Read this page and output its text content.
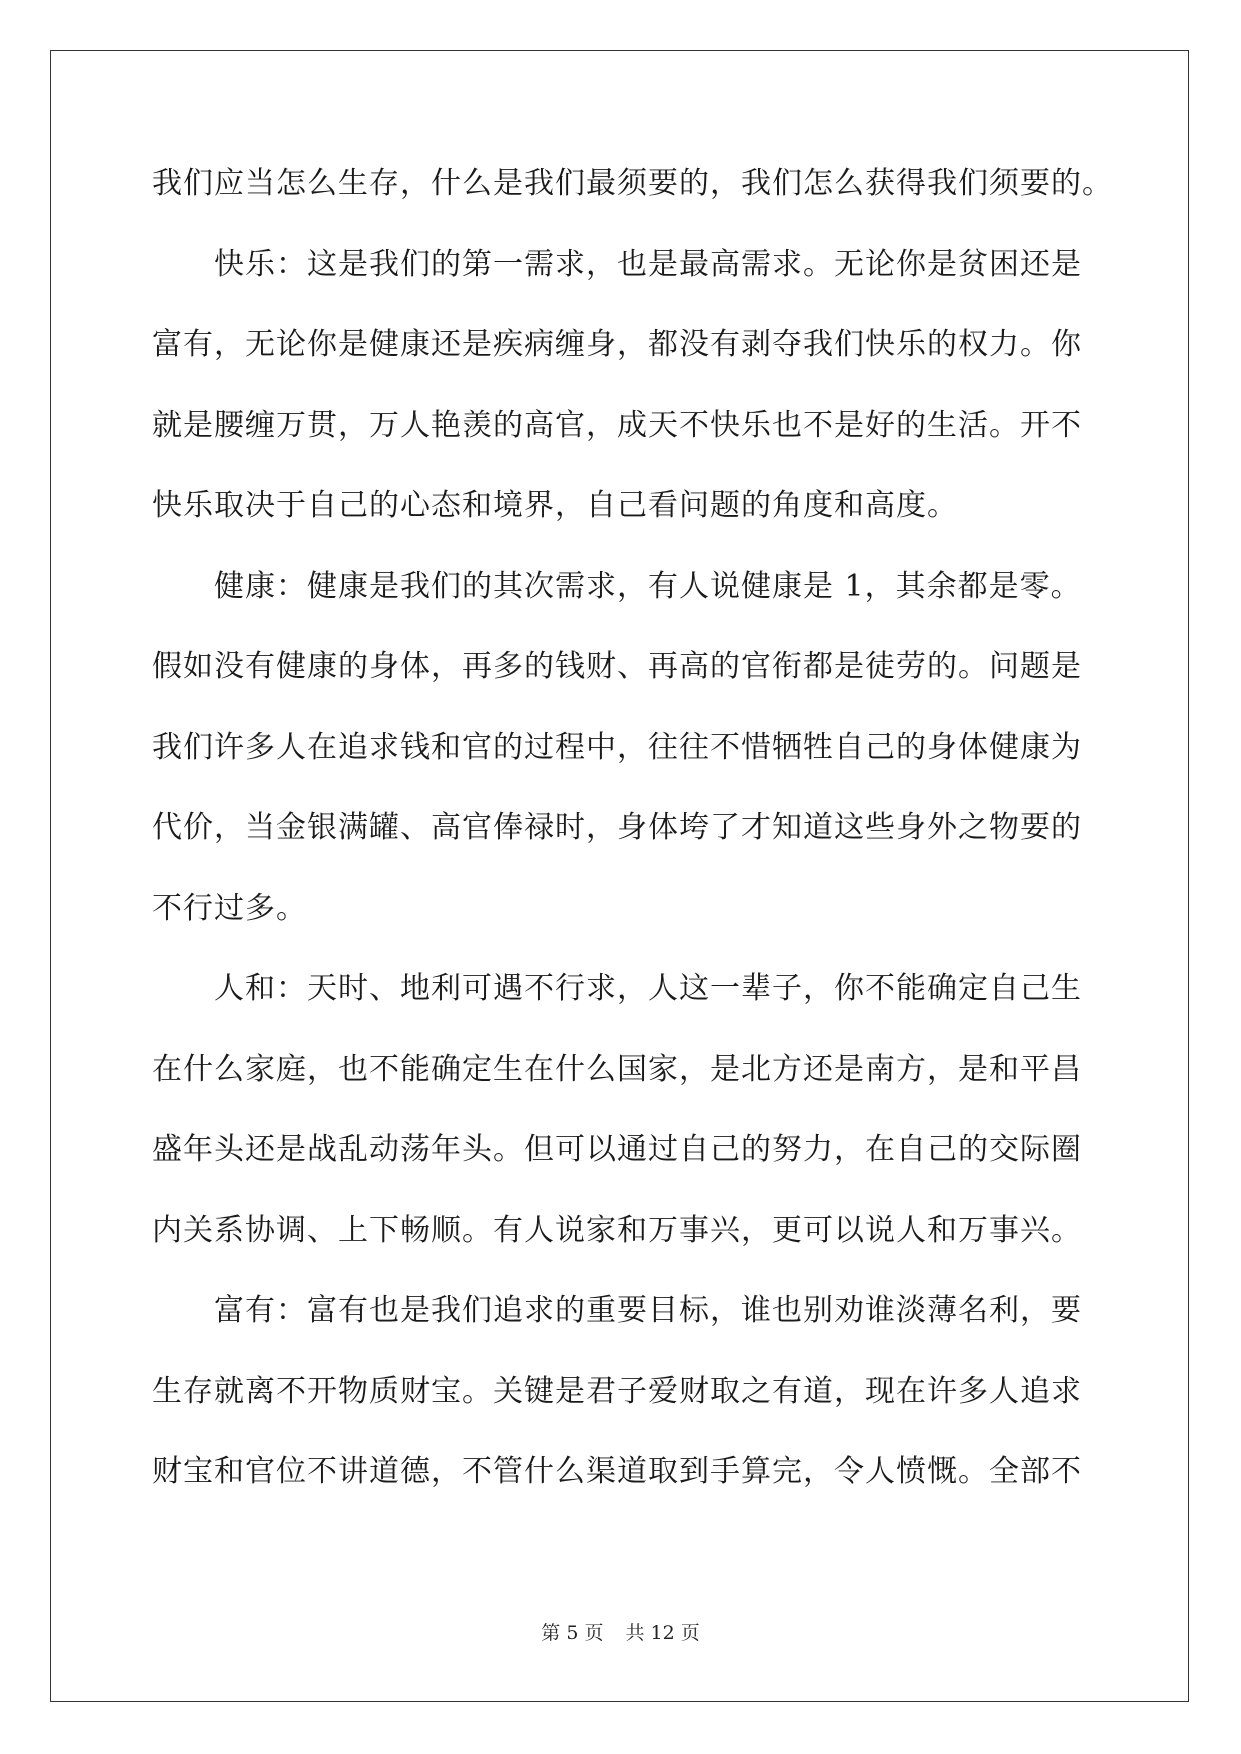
我们应当怎么生存，什么是我们最须要的，我们怎么获得我们须要的。
快乐：这是我们的第一需求，也是最高需求。无论你是贫困还是
富有，无论你是健康还是疾病缠身，都没有剥夺我们快乐的权力。你
就是腰缠万贯，万人艳羡的高官，成天不快乐也不是好的生活。开不
快乐取决于自己的心态和境界，自己看问题的角度和高度。
健康：健康是我们的其次需求，有人说健康是 1，其余都是零。
假如没有健康的身体，再多的钱财、再高的官衔都是徒劳的。问题是
我们许多人在追求钱和官的过程中，往往不惜牺牲自己的身体健康为
代价，当金银满罐、高官俸禄时，身体垮了才知道这些身外之物要的
不行过多。
人和：天时、地利可遇不行求，人这一辈子，你不能确定自己生
在什么家庭，也不能确定生在什么国家，是北方还是南方，是和平昌
盛年头还是战乱动荡年头。但可以通过自己的努力，在自己的交际圈
内关系协调、上下畅顺。有人说家和万事兴，更可以说人和万事兴。
富有：富有也是我们追求的重要目标，谁也别劝谁淡薄名利，要
生存就离不开物质财宝。关键是君子爱财取之有道，现在许多人追求
财宝和官位不讲道德，不管什么渠道取到手算完，令人愤慨。全部不
第 5 页 共 12 页
